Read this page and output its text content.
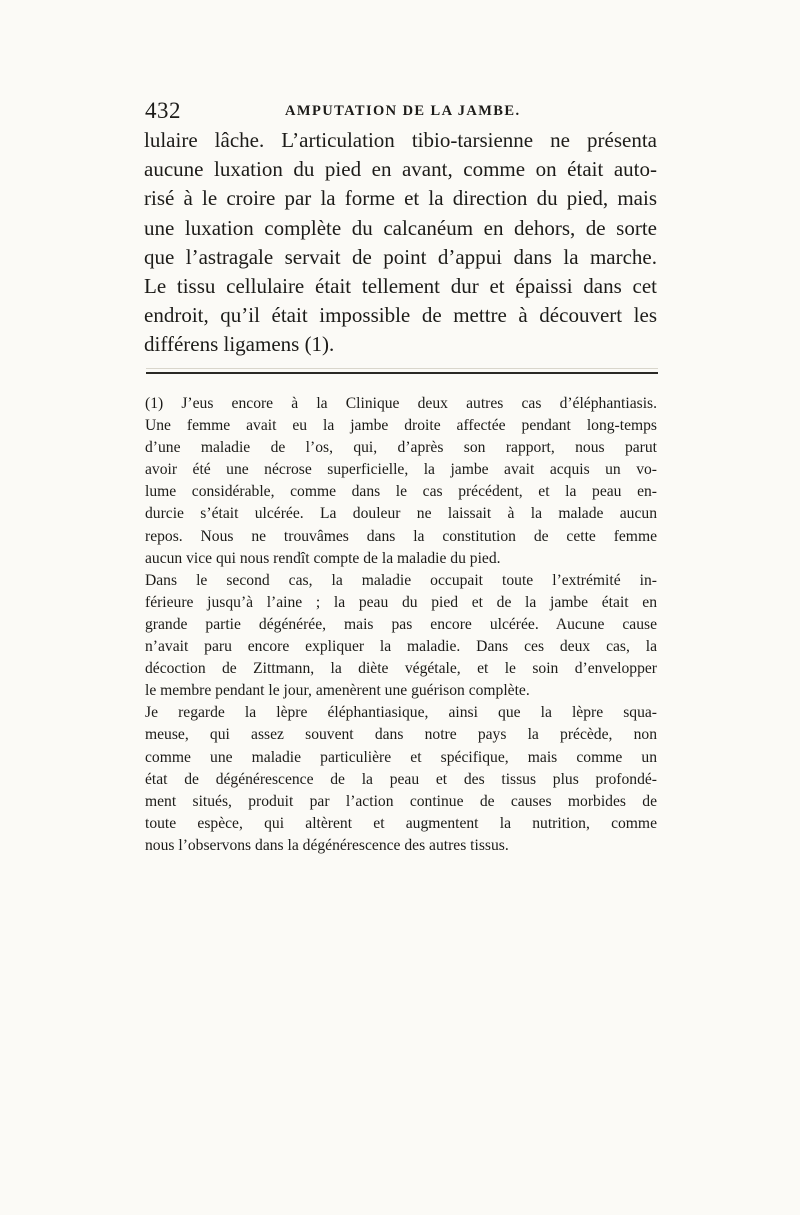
432	AMPUTATION DE LA JAMBE.
lulaire lâche. L’articulation tibio-tarsienne ne présenta
aucune luxation du pied en avant, comme on était auto-
risé à le croire par la forme et la direction du pied, mais
une luxation complète du calcanéum en dehors, de sorte
que l’astragale servait de point d’appui dans la marche.
Le tissu cellulaire était tellement dur et épaissi dans cet
endroit, qu’il était impossible de mettre à découvert les
différens ligamens (1).
(1) J’eus encore à la Clinique deux autres cas d’éléphantiasis.
Une femme avait eu la jambe droite affectée pendant long-temps
d’une maladie de l’os, qui, d’après son rapport, nous parut
avoir été une nécrose superficielle, la jambe avait acquis un vo-
lume considérable, comme dans le cas précédent, et la peau en-
durcie s’était ulcérée. La douleur ne laissait à la malade aucun
repos. Nous ne trouvâmes dans la constitution de cette femme
aucun vice qui nous rendît compte de la maladie du pied.
Dans le second cas, la maladie occupait toute l’extrémité in-
férieure jusqu’à l’aine ; la peau du pied et de la jambe était en
grande partie dégénérée, mais pas encore ulcérée. Aucune cause
n’avait paru encore expliquer la maladie. Dans ces deux cas, la
décoction de Zittmann, la diète végétale, et le soin d’envelopper
le membre pendant le jour, amenèrent une guérison complète.
Je regarde la lèpre éléphantiasique, ainsi que la lèpre squa-
meuse, qui assez souvent dans notre pays la précède, non
comme une maladie particulière et spécifique, mais comme un
état de dégénérescence de la peau et des tissus plus profondé-
ment situés, produit par l’action continue de causes morbides de
toute espèce, qui altèrent et augmentent la nutrition, comme
nous l’observons dans la dégénérescence des autres tissus.
